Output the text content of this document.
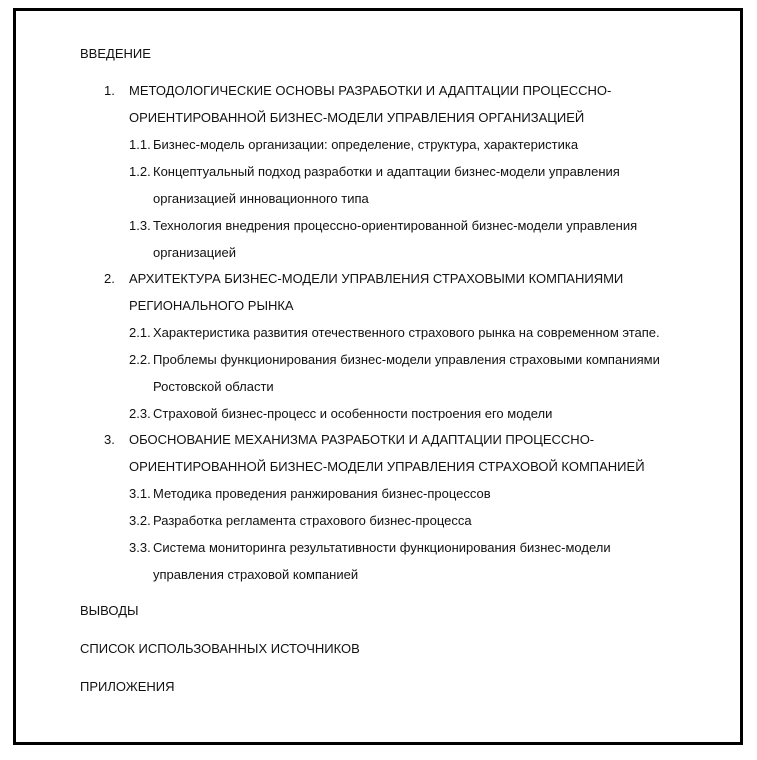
ВВЕДЕНИЕ
1. МЕТОДОЛОГИЧЕСКИЕ ОСНОВЫ РАЗРАБОТКИ И АДАПТАЦИИ ПРОЦЕССНО-
ОРИЕНТИРОВАННОЙ БИЗНЕС-МОДЕЛИ УПРАВЛЕНИЯ ОРГАНИЗАЦИЕЙ
1.1. Бизнес-модель организации: определение, структура, характеристика
1.2. Концептуальный подход разработки и адаптации бизнес-модели управления
организацией инновационного типа
1.3. Технология внедрения процессно-ориентированной бизнес-модели управления
организацией
2. АРХИТЕКТУРА БИЗНЕС-МОДЕЛИ УПРАВЛЕНИЯ СТРАХОВЫМИ КОМПАНИЯМИ
РЕГИОНАЛЬНОГО РЫНКА
2.1. Характеристика развития отечественного страхового рынка на современном этапе.
2.2. Проблемы функционирования бизнес-модели управления страховыми компаниями
Ростовской области
2.3. Страховой бизнес-процесс и особенности построения его модели
3. ОБОСНОВАНИЕ МЕХАНИЗМА РАЗРАБОТКИ И АДАПТАЦИИ ПРОЦЕССНО-
ОРИЕНТИРОВАННОЙ БИЗНЕС-МОДЕЛИ УПРАВЛЕНИЯ СТРАХОВОЙ КОМПАНИЕЙ
3.1. Методика проведения ранжирования бизнес-процессов
3.2. Разработка регламента страхового бизнес-процесса
3.3. Система мониторинга результативности функционирования бизнес-модели
управления страховой компанией
ВЫВОДЫ
СПИСОК ИСПОЛЬЗОВАННЫХ ИСТОЧНИКОВ
ПРИЛОЖЕНИЯ
